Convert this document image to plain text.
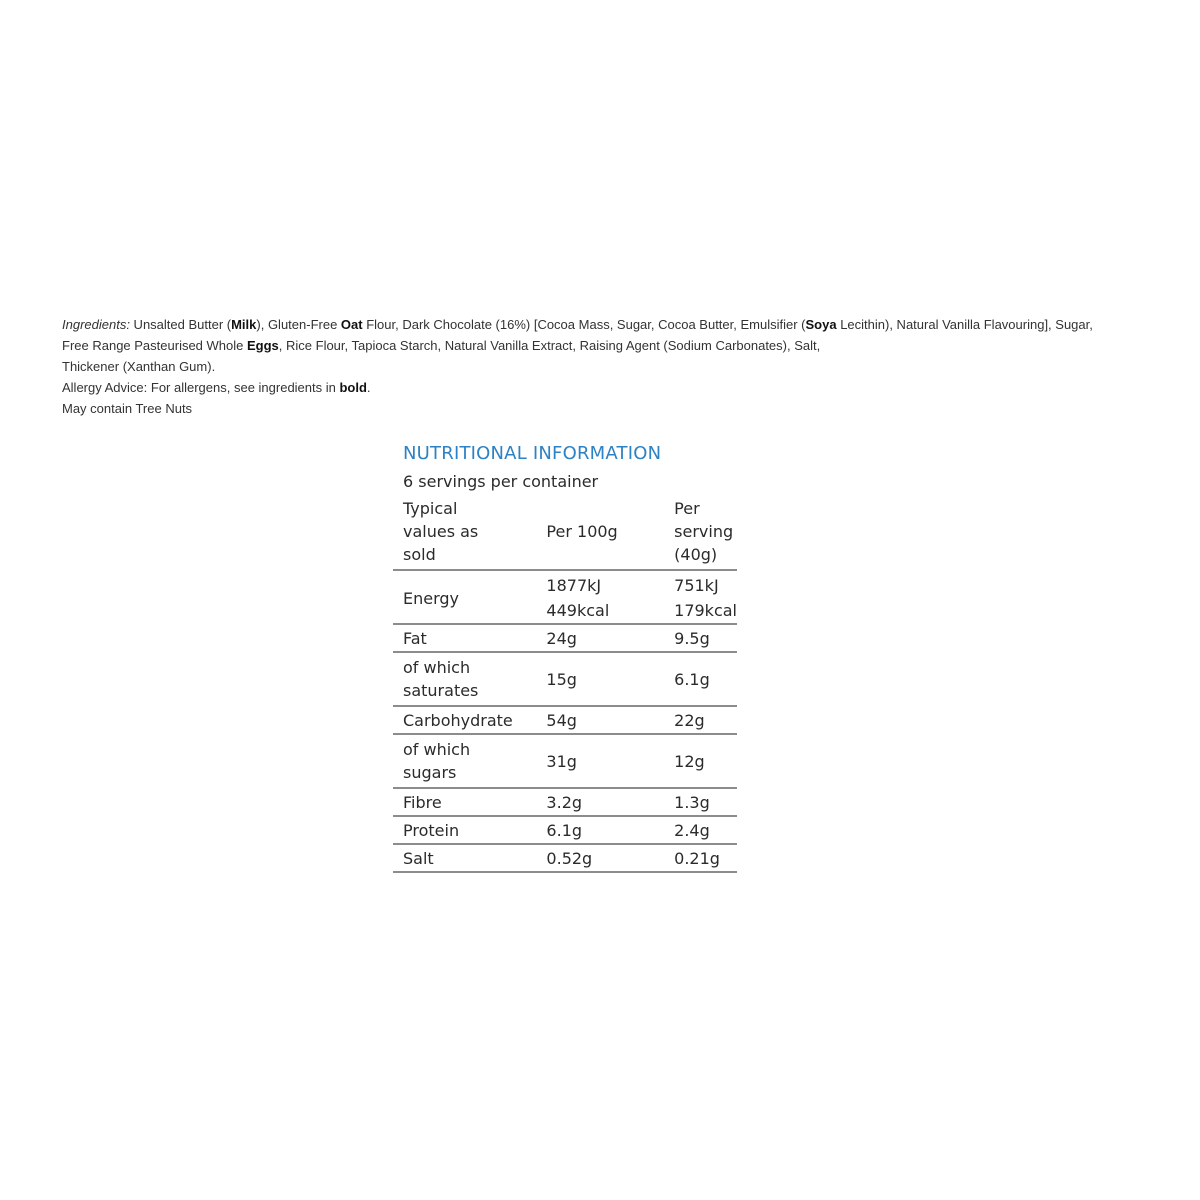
Ingredients: Unsalted Butter (Milk), Gluten-Free Oat Flour, Dark Chocolate (16%) [Cocoa Mass, Sugar, Cocoa Butter, Emulsifier (Soya Lecithin), Natural Vanilla Flavouring], Sugar,
Free Range Pasteurised Whole Eggs, Rice Flour, Tapioca Starch, Natural Vanilla Extract, Raising Agent (Sodium Carbonates), Salt,
Thickener (Xanthan Gum).

Allergy Advice: For allergens, see ingredients in bold.

May contain Tree Nuts

NUTRITIONAL INFORMATION
6 servings per container
Typical
values as
sold	Per 100g	Per
serving
(40g)

Energy	1877kJ	751kJ
	449kcal	179kcal
Fat	24g	9.5g

of which
saturates	15g	6.1g
Carbohydrate	54g	22g

of which
sugars	31g	12g
Fibre	3.2g	1.3g
Protein	6.1g	2.4g
Salt	0.52g	0.21g
